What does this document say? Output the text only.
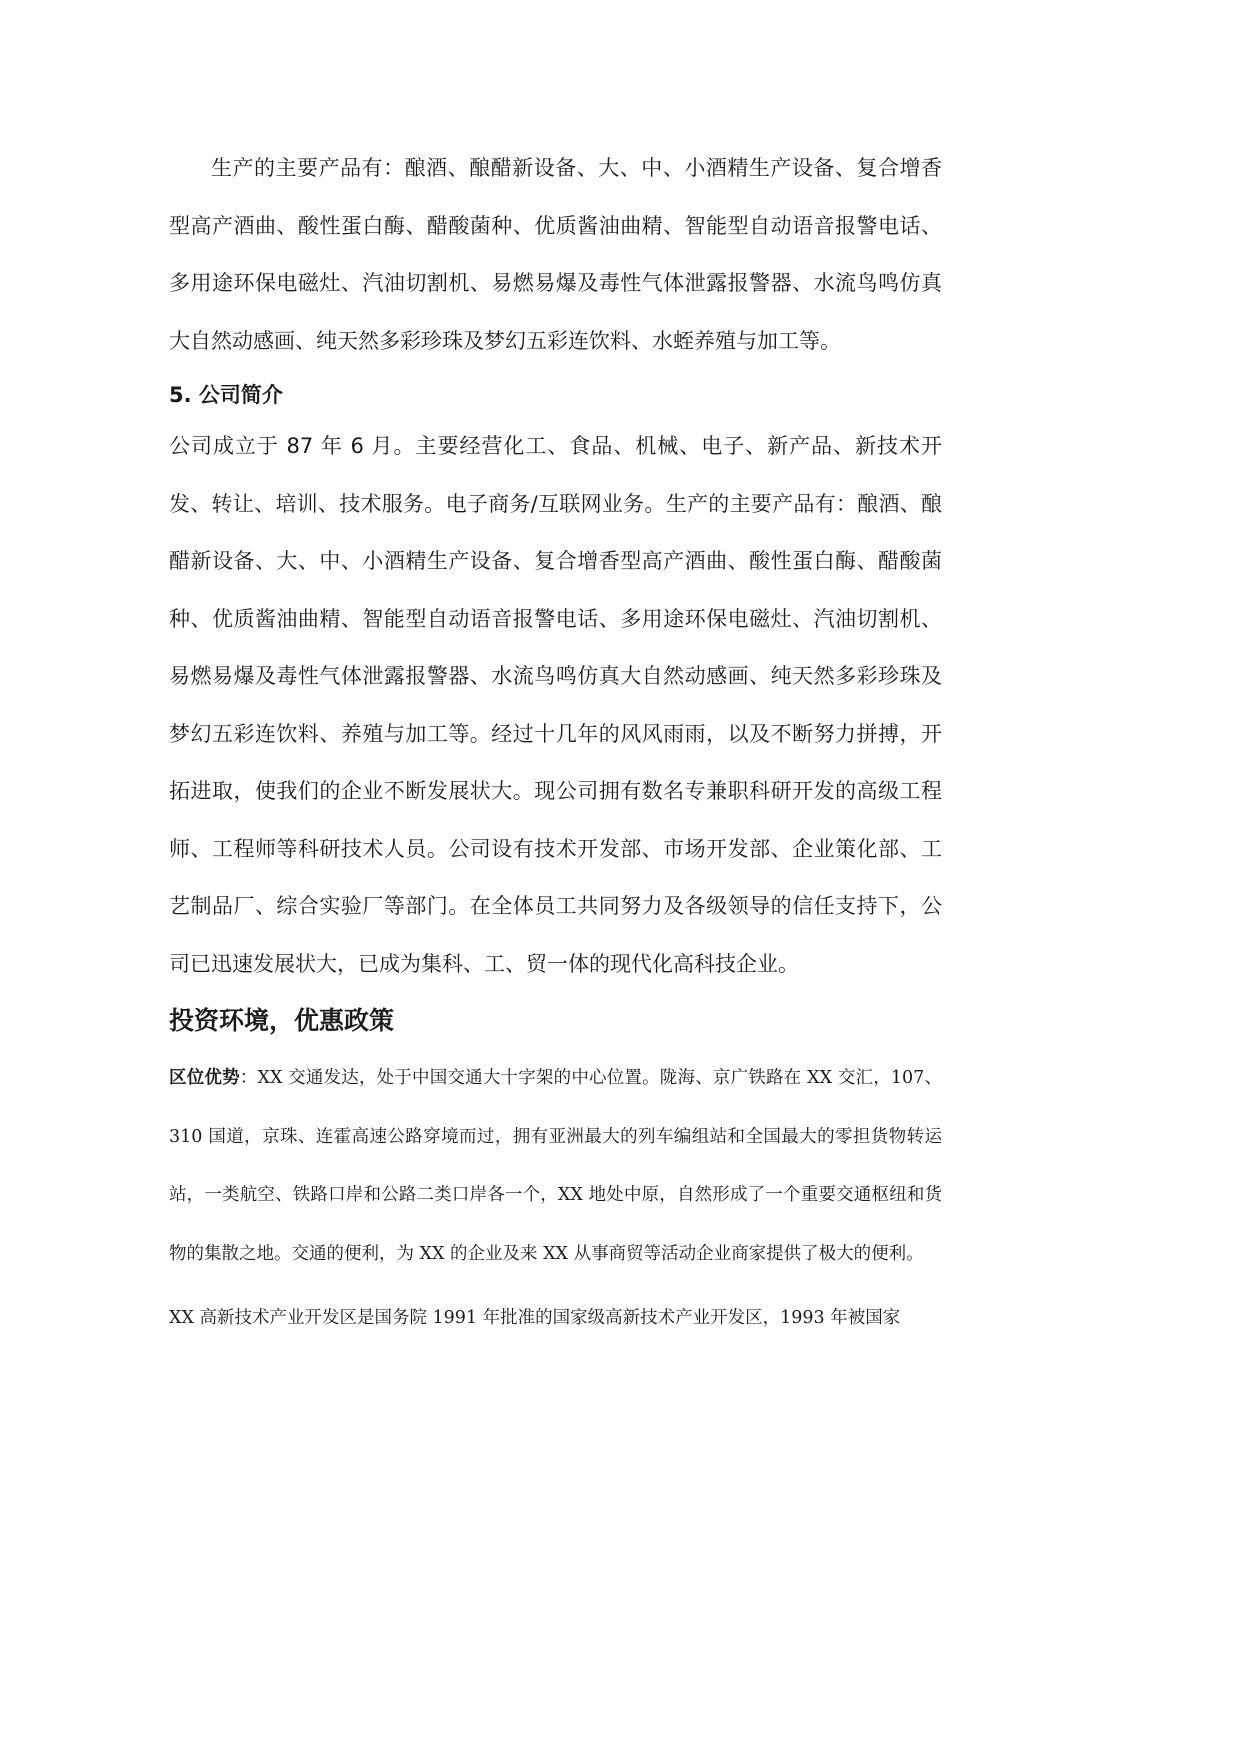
生产的主要产品有：酿酒、酿醋新设备、大、中、小酒精生产设备、复合增香型高产酒曲、酸性蛋白酶、醋酸菌种、优质酱油曲精、智能型自动语音报警电话、多用途环保电磁灶、汽油切割机、易燃易爆及毒性气体泄露报警器、水流鸟鸣仿真大自然动感画、纯天然多彩珍珠及梦幻五彩连饮料、水蛭养殖与加工等。

5. 公司简介

公司成立于 87 年 6 月。主要经营化工、食品、机械、电子、新产品、新技术开发、转让、培训、技术服务。电子商务/互联网业务。生产的主要产品有：酿酒、酿醋新设备、大、中、小酒精生产设备、复合增香型高产酒曲、酸性蛋白酶、醋酸菌种、优质酱油曲精、智能型自动语音报警电话、多用途环保电磁灶、汽油切割机、易燃易爆及毒性气体泄露报警器、水流鸟鸣仿真大自然动感画、纯天然多彩珍珠及梦幻五彩连饮料、养殖与加工等。经过十几年的风风雨雨，以及不断努力拼搏，开拓进取，使我们的企业不断发展状大。现公司拥有数名专兼职科研开发的高级工程师、工程师等科研技术人员。公司设有技术开发部、市场开发部、企业策化部、工艺制品厂、综合实验厂等部门。在全体员工共同努力及各级领导的信任支持下，公司已迅速发展状大，已成为集科、工、贸一体的现代化高科技企业。

投资环境，优惠政策

区位优势：XX 交通发达，处于中国交通大十字架的中心位置。陇海、京广铁路在 XX 交汇，107、310 国道，京珠、连霍高速公路穿境而过，拥有亚洲最大的列车编组站和全国最大的零担货物转运站，一类航空、铁路口岸和公路二类口岸各一个，XX 地处中原，自然形成了一个重要交通枢纽和货物的集散之地。交通的便利，为 XX 的企业及来 XX 从事商贸等活动企业商家提供了极大的便利。

XX 高新技术产业开发区是国务院 1991 年批准的国家级高新技术产业开发区，1993 年被国家
